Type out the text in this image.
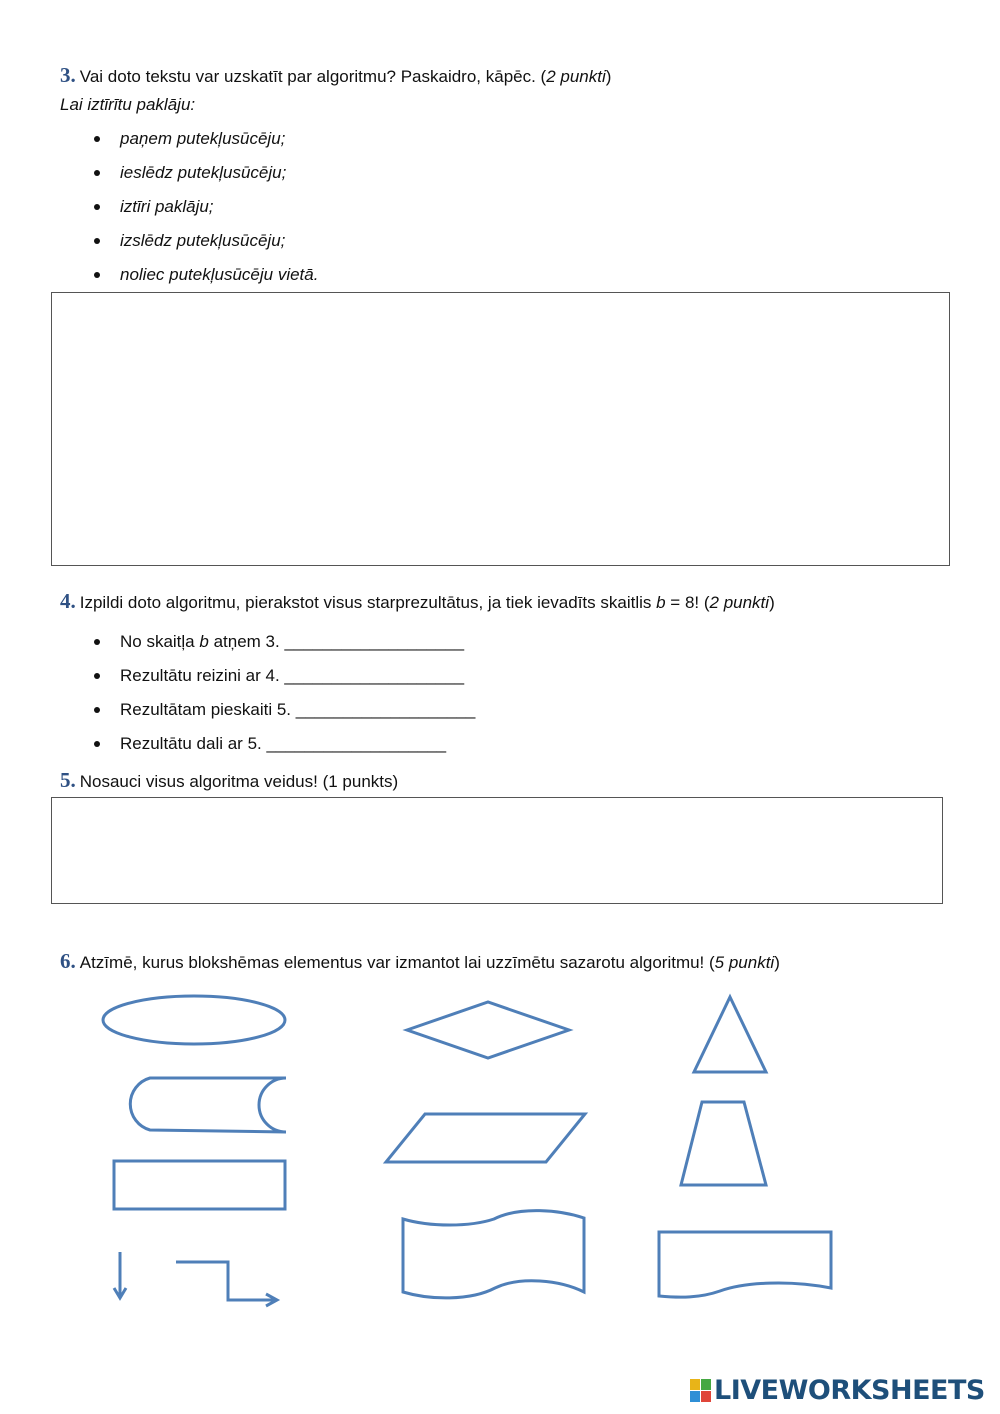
3. Vai doto tekstu var uzskatīt par algoritmu? Paskaidro, kāpēc. (2 punkti)
Lai iztīrītu paklāju:
paņem putekļusūcēju;
ieslēdz putekļusūcēju;
iztīri paklāju;
izslēdz putekļusūcēju;
noliec putekļusūcēju vietā.
4. Izpildi doto algoritmu, pierakstot visus starprezultātus, ja tiek ievadīts skaitlis b = 8! (2 punkti)
No skaitļa b atņem 3. ___________________
Rezultātu reizini ar 4. ___________________
Rezultātam pieskaiti 5. ___________________
Rezultātu dali ar 5. ___________________
5. Nosauci visus algoritma veidus! (1 punkts)
6. Atzīmē, kurus blokshēmas elementus var izmantot lai uzzīmētu sazarotu algoritmu! (5 punkti)
LIVEWORKSHEETS
